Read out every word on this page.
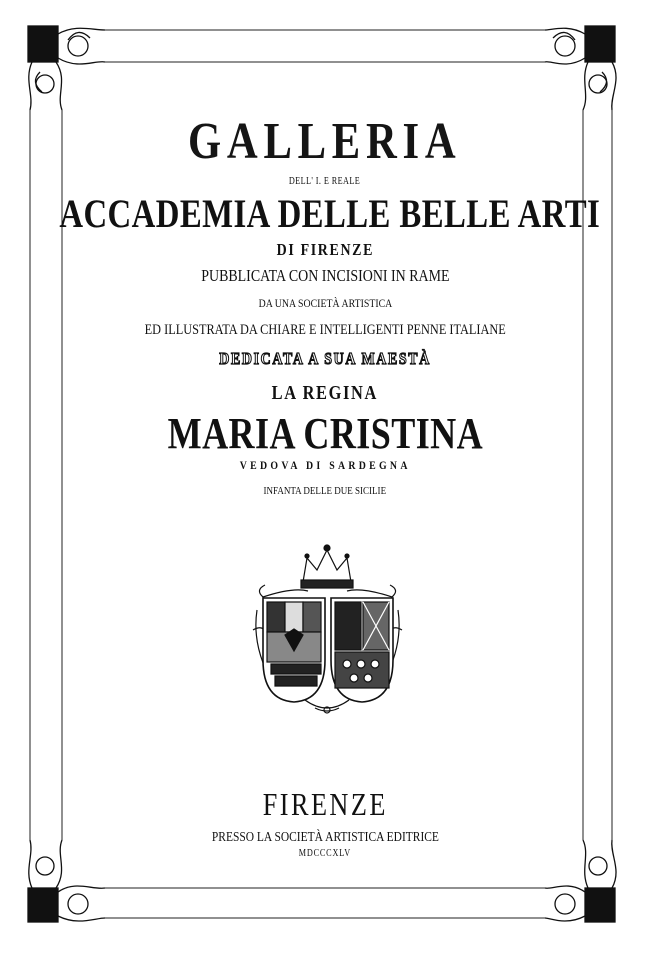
GALLERIA
DELL' I. E REALE
ACCADEMIA DELLE BELLE ARTI
DI FIRENZE
PUBBLICATA CON INCISIONI IN RAME
DA UNA SOCIETÀ ARTISTICA
ED ILLUSTRATA DA CHIARE E INTELLIGENTI PENNE ITALIANE
DEDICATA A SUA MAESTÀ
LA REGINA
MARIA CRISTINA
VEDOVA DI SARDEGNA
INFANTA DELLE DUE SICILIE
FIRENZE
PRESSO LA SOCIETÀ ARTISTICA EDITRICE
MDCCCXLV
